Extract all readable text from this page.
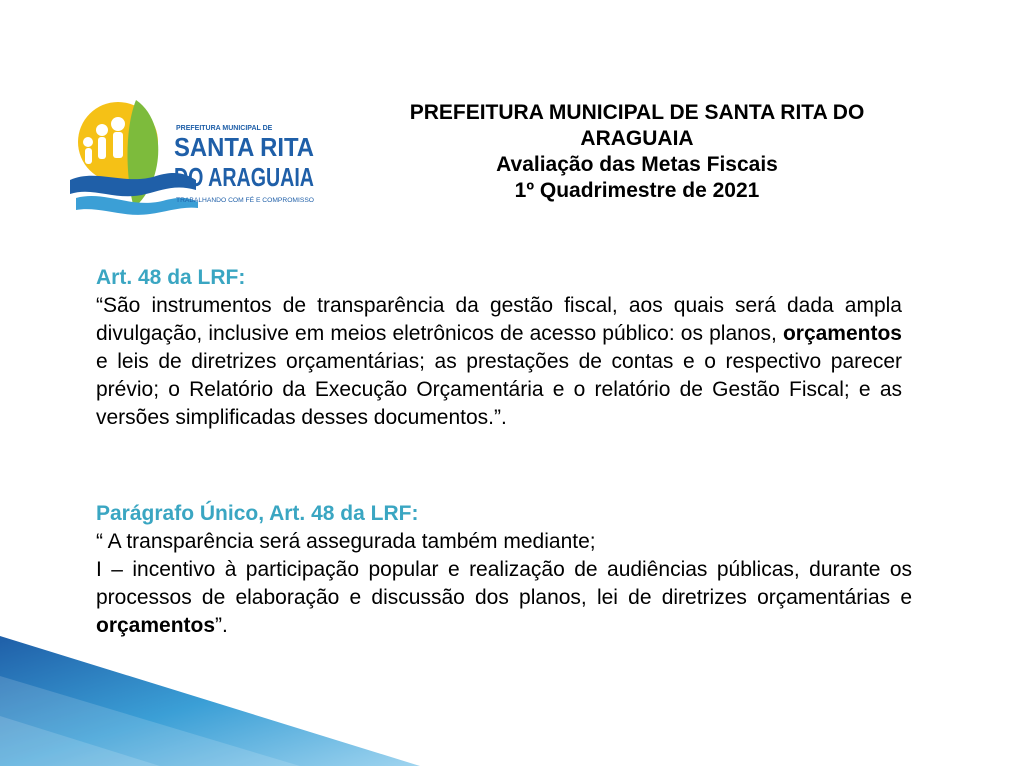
PREFEITURA MUNICIPAL DE
SANTA RITA
DO ARAGUAIA
TRABALHANDO COM FÉ E COMPROMISSO
PREFEITURA MUNICIPAL DE SANTA RITA DO
ARAGUAIA
Avaliação das Metas Fiscais
1º Quadrimestre de 2021
Art. 48 da LRF:

“São instrumentos de transparência da gestão fiscal, aos quais será dada ampla divulgação, inclusive em meios eletrônicos de acesso público: os planos, orçamentos e leis de diretrizes orçamentárias; as prestações de contas e o respectivo parecer prévio; o Relatório da Execução Orçamentária e o relatório de Gestão Fiscal; e as versões simplificadas desses documentos.”.

Parágrafo Único, Art. 48 da LRF:
“ A transparência será assegurada também mediante;

I – incentivo à participação popular e realização de audiências públicas, durante os processos de elaboração e discussão dos planos, lei de diretrizes orçamentárias e orçamentos”.
